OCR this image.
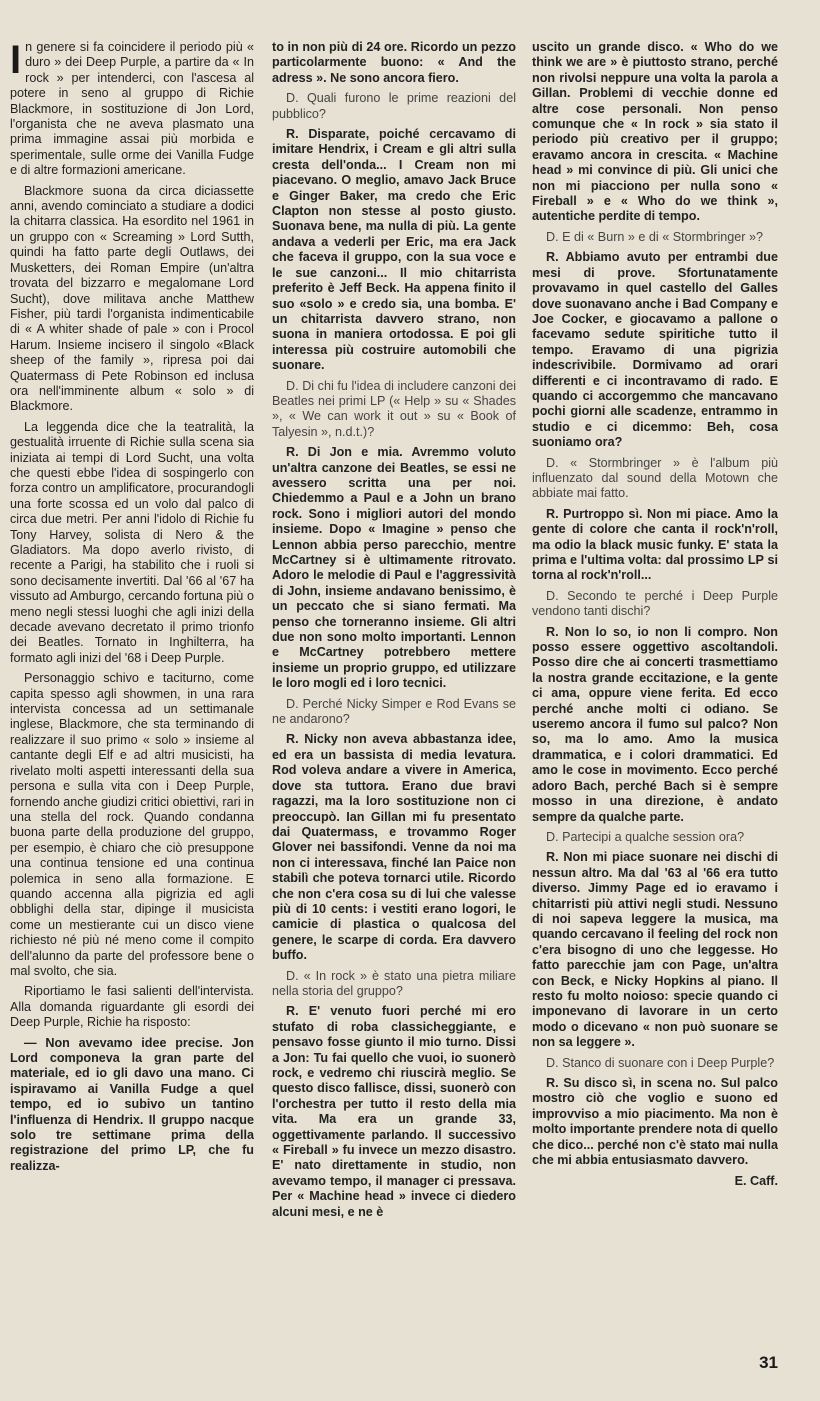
In genere si fa coincidere il periodo più « duro » dei Deep Purple, a partire da « In rock » per intenderci, con l'ascesa al potere in seno al gruppo di Richie Blackmore, in sostituzione di Jon Lord, l'organista che ne aveva plasmato una prima immagine assai più morbida e sperimentale, sulle orme dei Vanilla Fudge e di altre formazioni americane.

Blackmore suona da circa diciassette anni, avendo cominciato a studiare a dodici la chitarra classica. Ha esordito nel 1961 in un gruppo con « Screaming » Lord Sutth, quindi ha fatto parte degli Outlaws, dei Musketters, dei Roman Empire (un'altra trovata del bizzarro e megalomane Lord Sucht), dove militava anche Matthew Fisher, più tardi l'organista indimenticabile di « A whiter shade of pale » con i Procol Harum. Insieme incisero il singolo «Black sheep of the family », ripresa poi dai Quatermass di Pete Robinson ed inclusa ora nell'imminente album « solo » di Blackmore.

La leggenda dice che la teatralità, la gestualità irruente di Richie sulla scena sia iniziata ai tempi di Lord Sucht, una volta che questi ebbe l'idea di sospingerlo con forza contro un amplificatore, procurandogli una forte scossa ed un volo dal palco di circa due metri. Per anni l'idolo di Richie fu Tony Harvey, solista di Nero & the Gladiators. Ma dopo averlo rivisto, di recente a Parigi, ha stabilito che i ruoli si sono decisamente invertiti. Dal '66 al '67 ha vissuto ad Amburgo, cercando fortuna più o meno negli stessi luoghi che agli inizi della decade avevano decretato il primo trionfo dei Beatles. Tornato in Inghilterra, ha formato agli inizi del '68 i Deep Purple.

Personaggio schivo e taciturno, come capita spesso agli showmen, in una rara intervista concessa ad un settimanale inglese, Blackmore, che sta terminando di realizzare il suo primo « solo » insieme al cantante degli Elf e ad altri musicisti, ha rivelato molti aspetti interessanti della sua persona e sulla vita con i Deep Purple, fornendo anche giudizi critici obiettivi, rari in una stella del rock. Quando condanna buona parte della produzione del gruppo, per esempio, è chiaro che ciò presuppone una continua tensione ed una continua polemica in seno alla formazione. E quando accenna alla pigrizia ed agli obblighi della star, dipinge il musicista come un mestierante cui un disco viene richiesto né più né meno come il compito dell'alunno da parte del professore bene o mal svolto, che sia.

Riportiamo le fasi salienti dell'intervista. Alla domanda riguardante gli esordi dei Deep Purple, Richie ha risposto:

— Non avevamo idee precise. Jon Lord componeva la gran parte del materiale, ed io gli davo una mano. Ci ispiravamo ai Vanilla Fudge a quel tempo, ed io subivo un tantino l'influenza di Hendrix. Il gruppo nacque solo tre settimane prima della registrazione del primo LP, che fu realizza-

to in non più di 24 ore. Ricordo un pezzo particolarmente buono: « And the adress ». Ne sono ancora fiero.

D. Quali furono le prime reazioni del pubblico?

R. Disparate, poiché cercavamo di imitare Hendrix, i Cream e gli altri sulla cresta dell'onda... I Cream non mi piacevano. O meglio, amavo Jack Bruce e Ginger Baker, ma credo che Eric Clapton non stesse al posto giusto. Suonava bene, ma nulla di più. La gente andava a vederli per Eric, ma era Jack che faceva il gruppo, con la sua voce e le sue canzoni... Il mio chitarrista preferito è Jeff Beck. Ha appena finito il suo «solo » e credo sia, una bomba. E' un chitarrista davvero strano, non suona in maniera ortodossa. E poi gli interessa più costruire automobili che suonare.

D. Di chi fu l'idea di includere canzoni dei Beatles nei primi LP (« Help » su « Shades », « We can work it out » su « Book of Talyesin », n.d.t.)?

R. Di Jon e mia. Avremmo voluto un'altra canzone dei Beatles, se essi ne avessero scritta una per noi. Chiedemmo a Paul e a John un brano rock. Sono i migliori autori del mondo insieme. Dopo « Imagine » penso che Lennon abbia perso parecchio, mentre McCartney si è ultimamente ritrovato. Adoro le melodie di Paul e l'aggressività di John, insieme andavano benissimo, è un peccato che si siano fermati. Ma penso che torneranno insieme. Gli altri due non sono molto importanti. Lennon e McCartney potrebbero mettere insieme un proprio gruppo, ed utilizzare le loro mogli ed i loro tecnici.

D. Perché Nicky Simper e Rod Evans se ne andarono?

R. Nicky non aveva abbastanza idee, ed era un bassista di media levatura. Rod voleva andare a vivere in America, dove sta tuttora. Erano due bravi ragazzi, ma la loro sostituzione non ci preoccupò. Ian Gillan mi fu presentato dai Quatermass, e trovammo Roger Glover nei bassifondi. Venne da noi ma non ci interessava, finché Ian Paice non stabilì che poteva tornarci utile. Ricordo che non c'era cosa su di lui che valesse più di 10 cents: i vestiti erano logori, le camicie di plastica o qualcosa del genere, le scarpe di corda. Era davvero buffo.

D. « In rock » è stato una pietra miliare nella storia del gruppo?

R. E' venuto fuori perché mi ero stufato di roba classicheggiante, e pensavo fosse giunto il mio turno. Dissi a Jon: Tu fai quello che vuoi, io suonerò rock, e vedremo chi riuscirà meglio. Se questo disco fallisce, dissi, suonerò con l'orchestra per tutto il resto della mia vita. Ma era un grande 33, oggettivamente parlando. Il successivo « Fireball » fu invece un mezzo disastro. E' nato direttamente in studio, non avevamo tempo, il manager ci pressava. Per « Machine head » invece ci diedero alcuni mesi, e ne è

uscito un grande disco. « Who do we think we are » è piuttosto strano, perché non rivolsi neppure una volta la parola a Gillan. Problemi di vecchie donne ed altre cose personali. Non penso comunque che « In rock » sia stato il periodo più creativo per il gruppo; eravamo ancora in crescita. « Machine head » mi convince di più. Gli unici che non mi piacciono per nulla sono « Fireball » e « Who do we think », autentiche perdite di tempo.

D. E di « Burn » e di « Stormbringer »?

R. Abbiamo avuto per entrambi due mesi di prove. Sfortunatamente provavamo in quel castello del Galles dove suonavano anche i Bad Company e Joe Cocker, e giocavamo a pallone o facevamo sedute spiritiche tutto il tempo. Eravamo di una pigrizia indescrivibile. Dormivamo ad orari differenti e ci incontravamo di rado. E quando ci accorgemmo che mancavano pochi giorni alle scadenze, entrammo in studio e ci dicemmo: Beh, cosa suoniamo ora?

D. « Stormbringer » è l'album più influenzato dal sound della Motown che abbiate mai fatto.

R. Purtroppo sì. Non mi piace. Amo la gente di colore che canta il rock'n'roll, ma odio la black music funky. E' stata la prima e l'ultima volta: dal prossimo LP si torna al rock'n'roll...

D. Secondo te perché i Deep Purple vendono tanti dischi?

R. Non lo so, io non li compro. Non posso essere oggettivo ascoltandoli. Posso dire che ai concerti trasmettiamo la nostra grande eccitazione, e la gente ci ama, oppure viene ferita. Ed ecco perché anche molti ci odiano. Se useremo ancora il fumo sul palco? Non so, ma lo amo. Amo la musica drammatica, e i colori drammatici. Ed amo le cose in movimento. Ecco perché adoro Bach, perché Bach si è sempre mosso in una direzione, è andato sempre da qualche parte.

D. Partecipi a qualche session ora?

R. Non mi piace suonare nei dischi di nessun altro. Ma dal '63 al '66 era tutto diverso. Jimmy Page ed io eravamo i chitarristi più attivi negli studi. Nessuno di noi sapeva leggere la musica, ma quando cercavano il feeling del rock non c'era bisogno di uno che leggesse. Ho fatto parecchie jam con Page, un'altra con Beck, e Nicky Hopkins al piano. Il resto fu molto noioso: specie quando ci imponevano di lavorare in un certo modo o dicevano « non può suonare se non sa leggere ».

D. Stanco di suonare con i Deep Purple?

R. Su disco sì, in scena no. Sul palco mostro ciò che voglio e suono ed improvviso a mio piacimento. Ma non è molto importante prendere nota di quello che dico... perché non c'è stato mai nulla che mi abbia entusiasmato davvero.

E. Caff.

31
